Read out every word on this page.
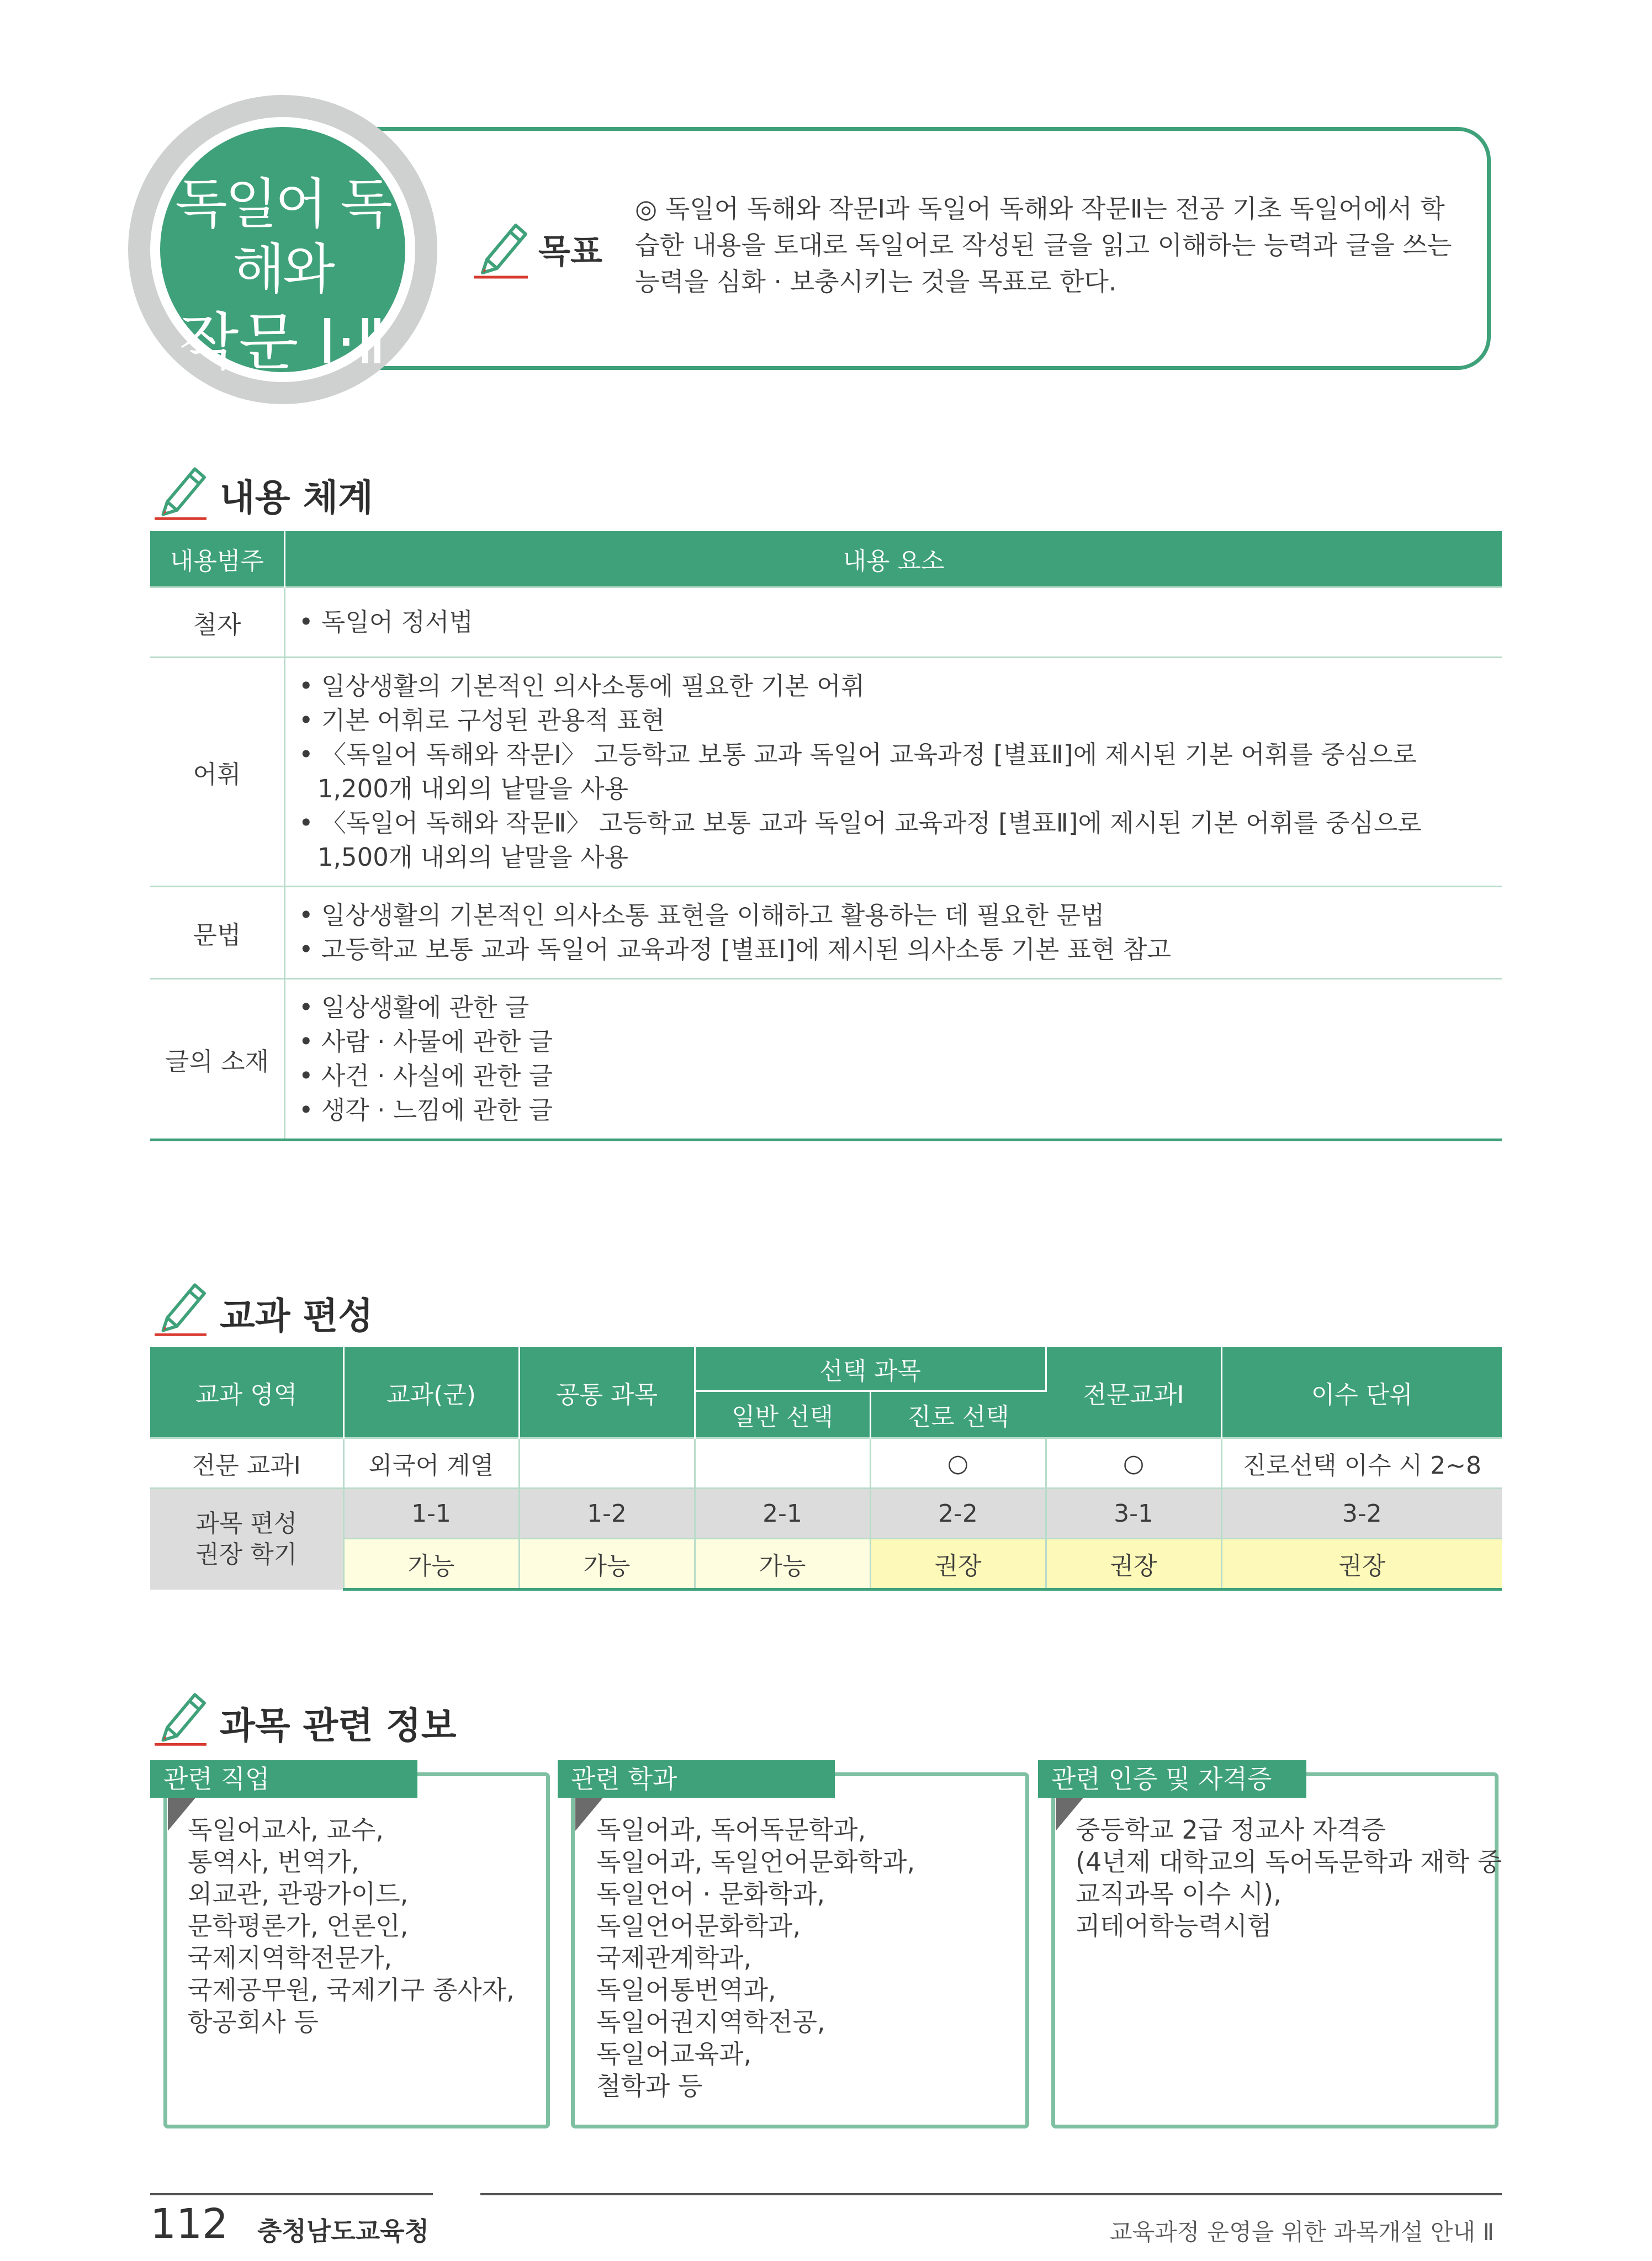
독일어 독해와
작문 Ⅰ·Ⅱ
목표
◎ 독일어 독해와 작문Ⅰ과 독일어 독해와 작문Ⅱ는 전공 기초 독일어에서 학습한 내용을 토대로 독일어로 작성된 글을 읽고 이해하는 능력과 글을 쓰는 능력을 심화 · 보충시키는 것을 목표로 한다.
내용 체계
내용범주	내용 요소
철자	• 독일어 정서법

어휘	• 일상생활의 기본적인 의사소통에 필요한 기본 어휘
• 기본 어휘로 구성된 관용적 표현
• 〈독일어 독해와 작문Ⅰ〉 고등학교 보통 교과 독일어 교육과정 [별표Ⅱ]에 제시된 기본 어휘를 중심으로 1,200개 내외의 낱말을 사용
• 〈독일어 독해와 작문Ⅱ〉 고등학교 보통 교과 독일어 교육과정 [별표Ⅱ]에 제시된 기본 어휘를 중심으로 1,500개 내외의 낱말을 사용

문법	• 일상생활의 기본적인 의사소통 표현을 이해하고 활용하는 데 필요한 문법
• 고등학교 보통 교과 독일어 교육과정 [별표Ⅰ]에 제시된 의사소통 기본 표현 참고

글의 소재	• 일상생활에 관한 글
• 사람 · 사물에 관한 글
• 사건 · 사실에 관한 글
• 생각 · 느낌에 관한 글
교과 편성
교과 영역	교과(군)	공통 과목	선택 과목		전문교과Ⅰ	이수 단위
			일반 선택	진로 선택		
전문 교과Ⅰ	외국어 계열			○	○	진로선택 이수 시 2~8

과목 편성
권장 학기	1-1	1-2	2-1	2-2	3-1	3-2
	가능	가능	가능	권장	권장	권장
과목 관련 정보
관련 직업
독일어교사, 교수,
통역사, 번역가,
외교관, 관광가이드,
문학평론가, 언론인,
국제지역학전문가,
국제공무원, 국제기구 종사자,
항공회사 등
관련 학과
독일어과, 독어독문학과,
독일어과, 독일언어문화학과,
독일언어 · 문화학과,
독일언어문화학과,
국제관계학과,
독일어통번역과,
독일어권지역학전공,
독일어교육과,
철학과 등
관련 인증 및 자격증
중등학교 2급 정교사 자격증
(4년제 대학교의 독어독문학과 재학 중
교직과목 이수 시),
괴테어학능력시험
112 충청남도교육청	교육과정 운영을 위한 과목개설 안내 Ⅱ
